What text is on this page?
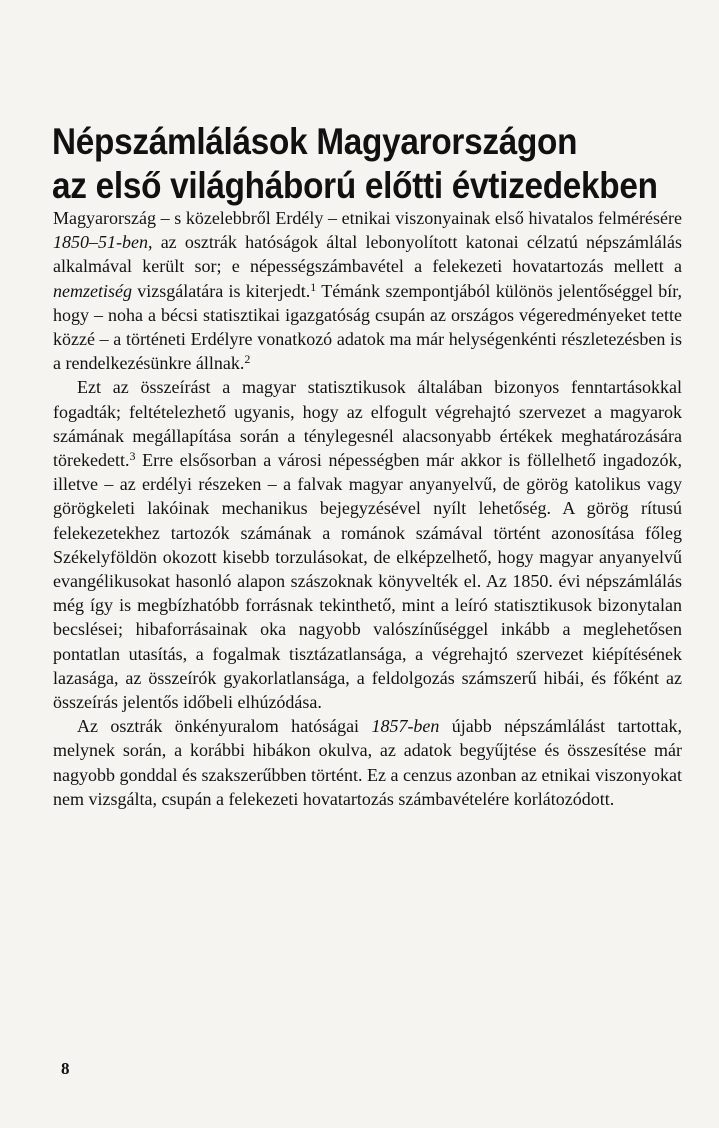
Népszámlálások Magyarországon
az első világháború előtti évtizedekben

Magyarország – s közelebbről Erdély – etnikai viszonyainak első hivatalos felmérésére 1850–51-ben, az osztrák hatóságok által lebonyolított katonai célzatú népszámlálás alkalmával került sor; e népességszámbavétel a felekezeti hovatartozás mellett a nemzetiség vizsgálatára is kiterjedt.$^1$ Témánk szempontjából különös jelentőséggel bír, hogy – noha a bécsi statisztikai igazgatóság csupán az országos végeredményeket tette közzé – a történeti Erdélyre vonatkozó adatok ma már helységenkénti részletezésben is a rendelkezésünkre állnak.$^2$

Ezt az összeírást a magyar statisztikusok általában bizonyos fenntartásokkal fogadták; feltételezhető ugyanis, hogy az elfogult végrehajtó szervezet a magyarok számának megállapítása során a ténylegesnél alacsonyabb értékek meghatározására törekedett.$^3$ Erre elsősorban a városi népességben már akkor is föllelhető ingadozók, illetve – az erdélyi részeken – a falvak magyar anyanyelvű, de görög katolikus vagy görögkeleti lakóinak mechanikus bejegyzésével nyílt lehetőség. A görög rítusú felekezetekhez tartozók számának a románok számával történt azonosítása főleg Székelyföldön okozott kisebb torzulásokat, de elképzelhető, hogy magyar anyanyelvű evangélikusokat hasonló alapon szászoknak könyvelték el. Az 1850. évi népszámlálás még így is megbízhatóbb forrásnak tekinthető, mint a leíró statisztikusok bizonytalan becslései; hibaforrásainak oka nagyobb valószínűséggel inkább a meglehetősen pontatlan utasítás, a fogalmak tisztázatlansága, a végrehajtó szervezet kiépítésének lazasága, az összeírók gyakorlatlansága, a feldolgozás számszerű hibái, és főként az összeírás jelentős időbeli elhúzódása.

Az osztrák önkényuralom hatóságai 1857-ben újabb népszámlálást tartottak, melynek során, a korábbi hibákon okulva, az adatok begyűjtése és összesítése már nagyobb gonddal és szakszerűbben történt. Ez a cenzus azonban az etnikai viszonyokat nem vizsgálta, csupán a felekezeti hovatartozás számbavételére korlátozódott.

8
